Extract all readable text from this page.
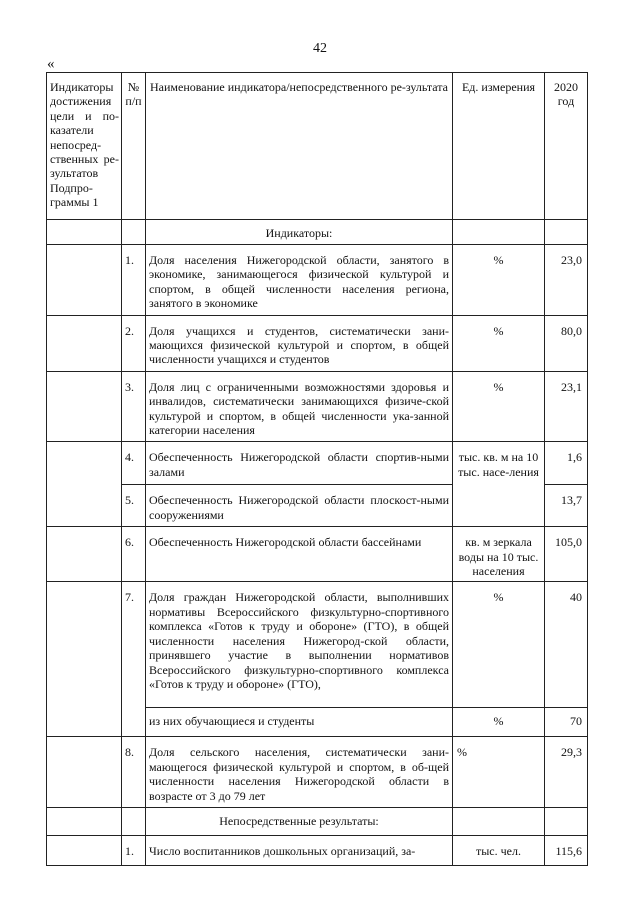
42
«
Индикаторы достижения цели и по-казатели непосред-ственных ре-зультатов Подпро-граммы 1	№ п/п	Наименование индикатора/непосредственного ре-зультата	Ед. измерения	2020 год
		Индикаторы:		
	1.	Доля населения Нижегородской области, занятого в экономике, занимающегося физической культурой и спортом, в общей численности населения региона, занятого в экономике	%	23,0
	2.	Доля учащихся и студентов, систематически зани-мающихся физической культурой и спортом, в общей численности учащихся и студентов	%	80,0
	3.	Доля лиц с ограниченными возможностями здоровья и инвалидов, систематически занимающихся физиче-ской культурой и спортом, в общей численности ука-занной категории населения	%	23,1
	4.	Обеспеченность Нижегородской области спортив-ными залами	тыс. кв. м на 10 тыс. насе-ления	1,6
	5.	Обеспеченность Нижегородской области плоскост-ными сооружениями		13,7
	6.	Обеспеченность Нижегородской области бассейнами	кв. м зеркала воды на 10 тыс. населения	105,0
	7.	Доля граждан Нижегородской области, выполнивших нормативы Всероссийского физкультурно-спортивного комплекса «Готов к труду и обороне» (ГТО), в общей численности населения Нижегород-ской области, принявшего участие в выполнении нормативов Всероссийского физкультурно-спортивного комплекса «Готов к труду и обороне» (ГТО),	%	40
		из них обучающиеся и студенты	%	70
	8.	Доля сельского населения, систематически зани-мающегося физической культурой и спортом, в об-щей численности населения Нижегородской области в возрасте от 3 до 79 лет	%	29,3
		Непосредственные результаты:		
	1.	Число воспитанников дошкольных организаций, за-	тыс. чел.	115,6
